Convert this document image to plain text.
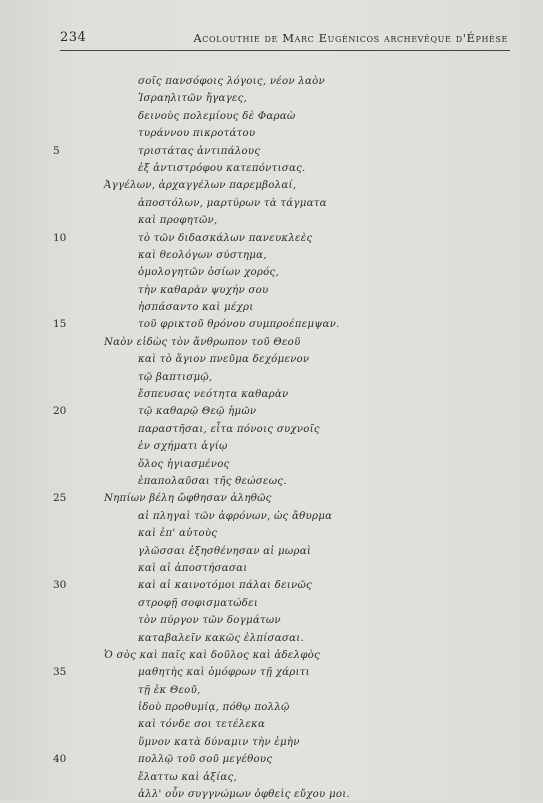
234	Acolouthie de Marc Eugénicos archevêque d'Éphèse
σοῖς πανσόφοις λόγοις, νέον λαὸν
Ἰσραηλιτῶν ἤγαγες,
δεινοὺς πολεμίους δὲ Φαραὼ
τυράννου πικροτάτου
5	τριστάτας ἀντιπάλους
ἐξ ἀντιστρόφου κατεπόντισας.
Ἀγγέλων, ἀρχαγγέλων παρεμβολαί,
ἀποστόλων, μαρτύρων τὰ τάγματα
καὶ προφητῶν,
10	τὸ τῶν διδασκάλων πανευκλεὲς
καὶ θεολόγων σύστημα,
ὁμολογητῶν ὁσίων χορός,
τὴν καθαρὰν ψυχήν σου
ἠσπάσαντο καὶ μέχρι
15	τοῦ φρικτοῦ θρόνου συμπροέπεμψαν.
Ναὸν εἰδὼς τὸν ἄνθρωπον τοῦ Θεοῦ
καὶ τὸ ἅγιον πνεῦμα δεχόμενον
τῷ βαπτισμῷ,
ἔσπευσας νεότητα καθαρὰν
20	τῷ καθαρῷ Θεῷ ἡμῶν
παραστῆσαι, εἶτα πόνοις συχνοῖς
ἐν σχήματι ἁγίῳ
ὅλος ἡγιασμένος
ἐπαπολαῦσαι τῆς θεώσεως.
25	Νηπίων βέλη ὤφθησαν ἀληθῶς
αἱ πληγαὶ τῶν ἀφρόνων, ὡς ἄθυρμα
καὶ ἐπ' αὐτοὺς
γλῶσσαι ἐξησθένησαν αἱ μωραὶ
καὶ αἱ ἀποστήσασαι
30	καὶ αἱ καινοτόμοι πάλαι δεινῶς
στροφῇ σοφισματώδει
τὸν πύργον τῶν δογμάτων
καταβαλεῖν κακῶς ἐλπίσασαι.
Ὁ σὸς καὶ παῖς καὶ δοῦλος καὶ ἀδελφὸς
35	μαθητὴς καὶ ὁμόφρων τῇ χάριτι
τῇ ἐκ Θεοῦ,
ἰδοὺ προθυμίᾳ, πόθῳ πολλῷ
καὶ τόνδε σοι τετέλεκα
ὕμνον κατὰ δύναμιν τὴν ἐμὴν
40	πολλῷ τοῦ σοῦ μεγέθους
ἔλαττω καὶ ἀξίας,
ἀλλ' οὖν συγγνώμων ὀφθεὶς εὔχου μοι.
